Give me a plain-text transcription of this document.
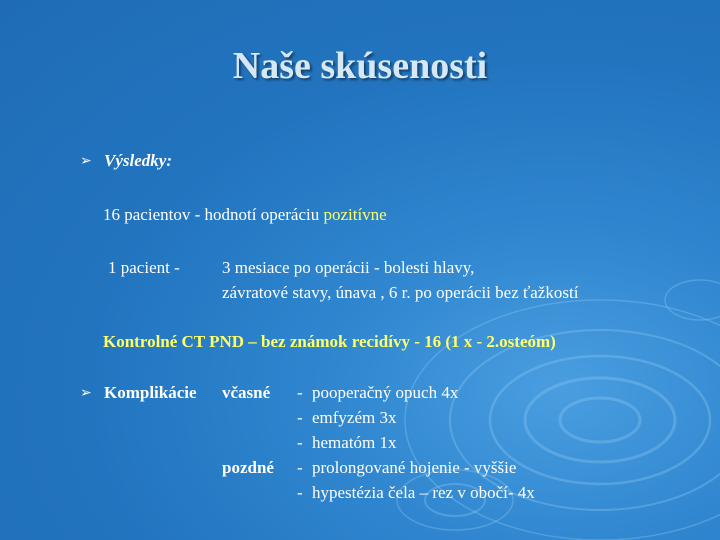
Naše skúsenosti
➢ Výsledky:
16 pacientov - hodnotí operáciu pozitívne
1 pacient - 3 mesiace po operácii - bolesti hlavy,
závratové stavy, únava , 6 r. po operácii bez ťažkostí
Kontrolné CT PND – bez známok recidívy - 16 (1 x - 2.osteóm)
➢ Komplikácie včasné - pooperačný opuch 4x
- emfyzém 3x
- hematóm 1x
pozdné - prolongované hojenie - vyššie
- hypestézia čela – rez v obočí- 4x
